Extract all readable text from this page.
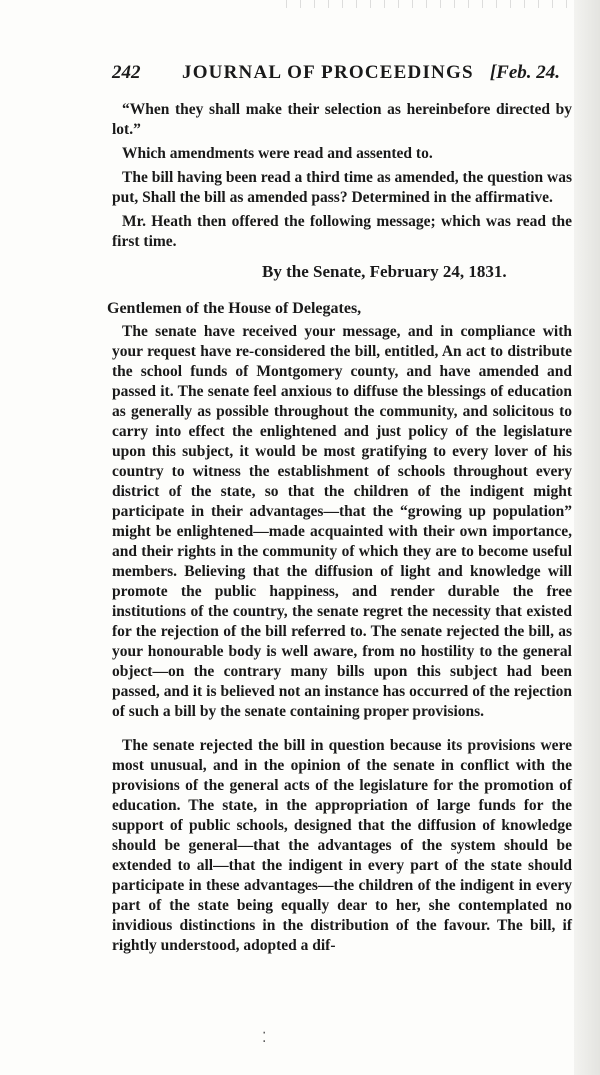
242 JOURNAL OF PROCEEDINGS [Feb. 24.

“When they shall make their selection as hereinbefore directed by lot.”

Which amendments were read and assented to.

The bill having been read a third time as amended, the question was put, Shall the bill as amended pass? Determined in the affirmative.

Mr. Heath then offered the following message; which was read the first time.

By the Senate, February 24, 1831.
Gentlemen of the House of Delegates,

The senate have received your message, and in compliance with your request have re-considered the bill, entitled, An act to distribute the school funds of Montgomery county, and have amended and passed it. The senate feel anxious to diffuse the blessings of education as generally as possible throughout the community, and solicitous to carry into effect the enlightened and just policy of the legislature upon this subject, it would be most gratifying to every lover of his country to witness the establishment of schools throughout every district of the state, so that the children of the indigent might participate in their advantages—that the “growing up population” might be enlightened—made acquainted with their own importance, and their rights in the community of which they are to become useful members. Believing that the diffusion of light and knowledge will promote the public happiness, and render durable the free institutions of the country, the senate regret the necessity that existed for the rejection of the bill referred to. The senate rejected the bill, as your honourable body is well aware, from no hostility to the general object—on the contrary many bills upon this subject had been passed, and it is believed not an instance has occurred of the rejection of such a bill by the senate containing proper provisions.

The senate rejected the bill in question because its provisions were most unusual, and in the opinion of the senate in conflict with the provisions of the general acts of the legislature for the promotion of education. The state, in the appropriation of large funds for the support of public schools, designed that the diffusion of knowledge should be general—that the advantages of the system should be extended to all—that the indigent in every part of the state should participate in these advantages—the children of the indigent in every part of the state being equally dear to her, she contemplated no invidious distinctions in the distribution of the favour. The bill, if rightly understood, adopted a dif-

⁚
